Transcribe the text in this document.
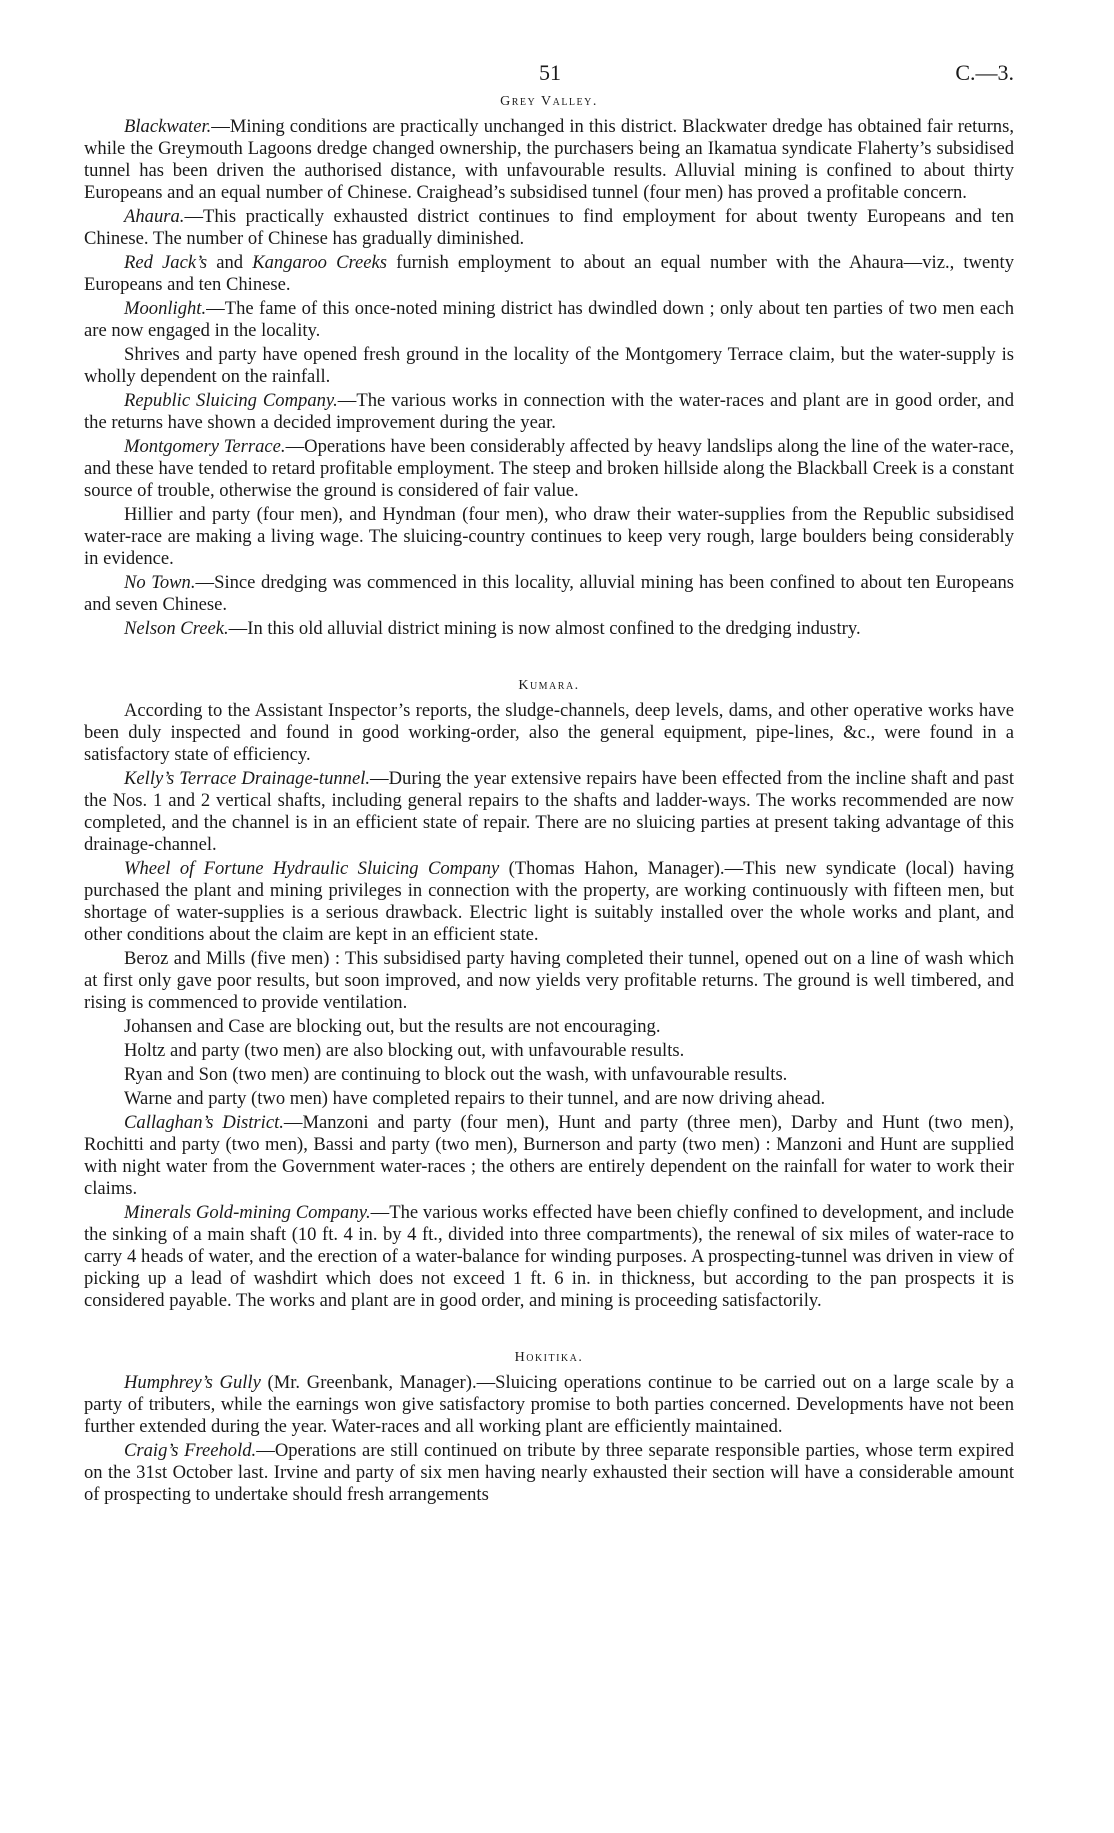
51	C.—3.
Grey Valley.

Blackwater.—Mining conditions are practically unchanged in this district. Blackwater dredge has obtained fair returns, while the Greymouth Lagoons dredge changed ownership, the purchasers being an Ikamatua syndicate Flaherty’s subsidised tunnel has been driven the authorised distance, with unfavourable results. Alluvial mining is confined to about thirty Europeans and an equal number of Chinese. Craighead’s subsidised tunnel (four men) has proved a profitable concern.

Ahaura.—This practically exhausted district continues to find employment for about twenty Europeans and ten Chinese. The number of Chinese has gradually diminished.

Red Jack’s and Kangaroo Creeks furnish employment to about an equal number with the Ahaura—viz., twenty Europeans and ten Chinese.

Moonlight.—The fame of this once-noted mining district has dwindled down ; only about ten parties of two men each are now engaged in the locality.

Shrives and party have opened fresh ground in the locality of the Montgomery Terrace claim, but the water-supply is wholly dependent on the rainfall.

Republic Sluicing Company.—The various works in connection with the water-races and plant are in good order, and the returns have shown a decided improvement during the year.

Montgomery Terrace.—Operations have been considerably affected by heavy landslips along the line of the water-race, and these have tended to retard profitable employment. The steep and broken hillside along the Blackball Creek is a constant source of trouble, otherwise the ground is considered of fair value.

Hillier and party (four men), and Hyndman (four men), who draw their water-supplies from the Republic subsidised water-race are making a living wage. The sluicing-country continues to keep very rough, large boulders being considerably in evidence.

No Town.—Since dredging was commenced in this locality, alluvial mining has been confined to about ten Europeans and seven Chinese.

Nelson Creek.—In this old alluvial district mining is now almost confined to the dredging industry.

Kumara.

According to the Assistant Inspector’s reports, the sludge-channels, deep levels, dams, and other operative works have been duly inspected and found in good working-order, also the general equipment, pipe-lines, &c., were found in a satisfactory state of efficiency.

Kelly’s Terrace Drainage-tunnel.—During the year extensive repairs have been effected from the incline shaft and past the Nos. 1 and 2 vertical shafts, including general repairs to the shafts and ladder-ways. The works recommended are now completed, and the channel is in an efficient state of repair. There are no sluicing parties at present taking advantage of this drainage-channel.

Wheel of Fortune Hydraulic Sluicing Company (Thomas Hahon, Manager).—This new syndicate (local) having purchased the plant and mining privileges in connection with the property, are working continuously with fifteen men, but shortage of water-supplies is a serious drawback. Electric light is suitably installed over the whole works and plant, and other conditions about the claim are kept in an efficient state.

Beroz and Mills (five men) : This subsidised party having completed their tunnel, opened out on a line of wash which at first only gave poor results, but soon improved, and now yields very profitable returns. The ground is well timbered, and rising is commenced to provide ventilation.

Johansen and Case are blocking out, but the results are not encouraging.

Holtz and party (two men) are also blocking out, with unfavourable results.

Ryan and Son (two men) are continuing to block out the wash, with unfavourable results.

Warne and party (two men) have completed repairs to their tunnel, and are now driving ahead.

Callaghan’s District.—Manzoni and party (four men), Hunt and party (three men), Darby and Hunt (two men), Rochitti and party (two men), Bassi and party (two men), Burnerson and party (two men) : Manzoni and Hunt are supplied with night water from the Government water-races ; the others are entirely dependent on the rainfall for water to work their claims.

Minerals Gold-mining Company.—The various works effected have been chiefly confined to development, and include the sinking of a main shaft (10 ft. 4 in. by 4 ft., divided into three compartments), the renewal of six miles of water-race to carry 4 heads of water, and the erection of a water-balance for winding purposes. A prospecting-tunnel was driven in view of picking up a lead of washdirt which does not exceed 1 ft. 6 in. in thickness, but according to the pan prospects it is considered payable. The works and plant are in good order, and mining is proceeding satisfactorily.

Hokitika.

Humphrey’s Gully (Mr. Greenbank, Manager).—Sluicing operations continue to be carried out on a large scale by a party of tributers, while the earnings won give satisfactory promise to both parties concerned. Developments have not been further extended during the year. Water-races and all working plant are efficiently maintained.

Craig’s Freehold.—Operations are still continued on tribute by three separate responsible parties, whose term expired on the 31st October last. Irvine and party of six men having nearly exhausted their section will have a considerable amount of prospecting to undertake should fresh arrangements
